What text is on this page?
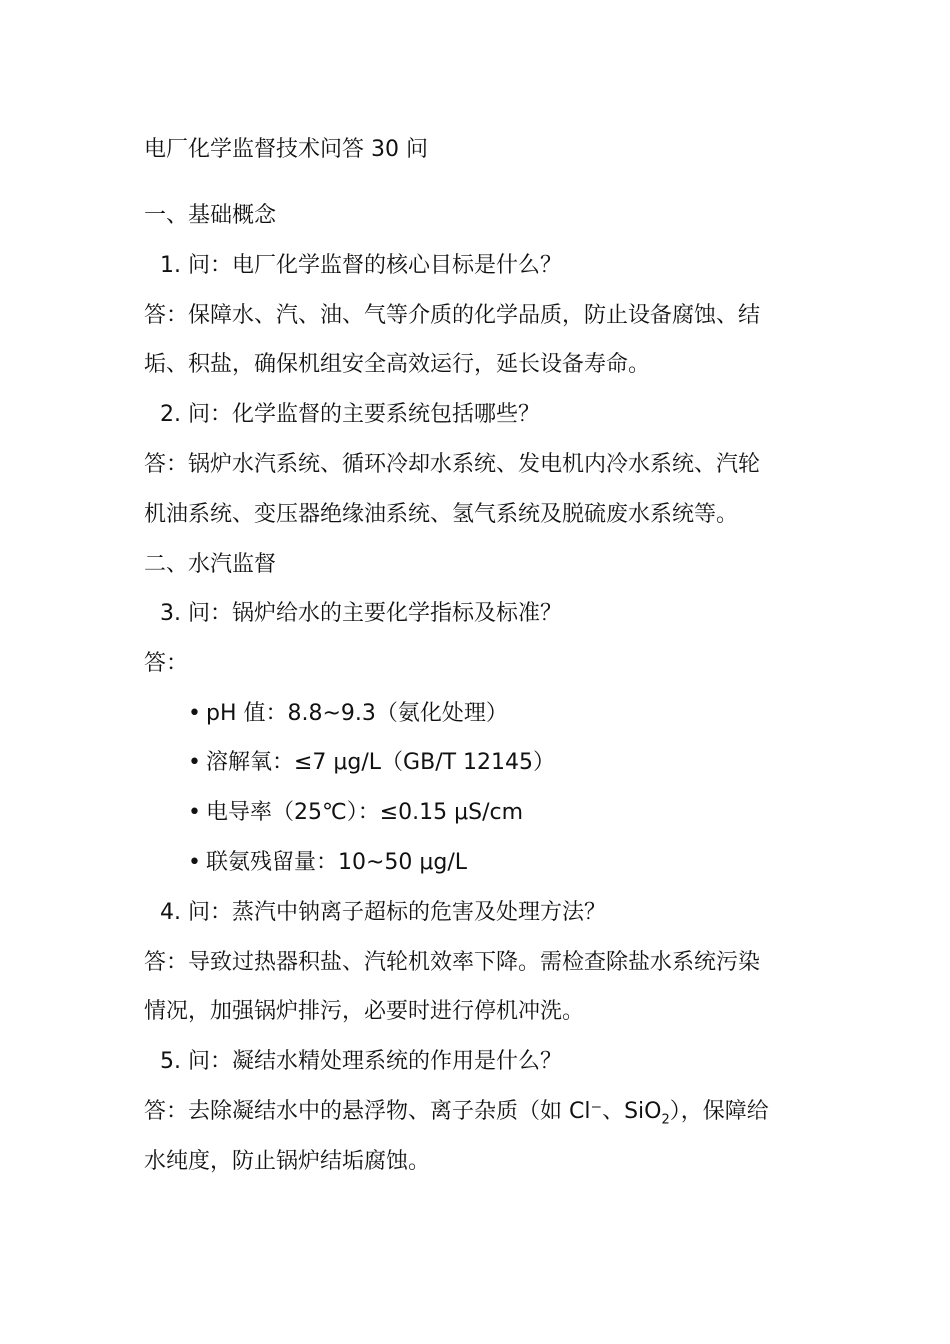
电厂化学监督技术问答 30 问
一、基础概念
1. 问：电厂化学监督的核心目标是什么？
答：保障水、汽、油、气等介质的化学品质，防止设备腐蚀、结
垢、积盐，确保机组安全高效运行，延长设备寿命。
2. 问：化学监督的主要系统包括哪些？
答：锅炉水汽系统、循环冷却水系统、发电机内冷水系统、汽轮
机油系统、变压器绝缘油系统、氢气系统及脱硫废水系统等。
二、水汽监督
3. 问：锅炉给水的主要化学指标及标准？
答：
• pH 值：8.8~9.3（氨化处理）
• 溶解氧：≤7 μg/L（GB/T 12145）
• 电导率（25℃）：≤0.15 μS/cm
• 联氨残留量：10~50 μg/L
4. 问：蒸汽中钠离子超标的危害及处理方法？
答：导致过热器积盐、汽轮机效率下降。需检查除盐水系统污染
情况，加强锅炉排污，必要时进行停机冲洗。
5. 问：凝结水精处理系统的作用是什么？
答：去除凝结水中的悬浮物、离子杂质（如 Cl⁻、SiO$_2$），保障给
水纯度，防止锅炉结垢腐蚀。
